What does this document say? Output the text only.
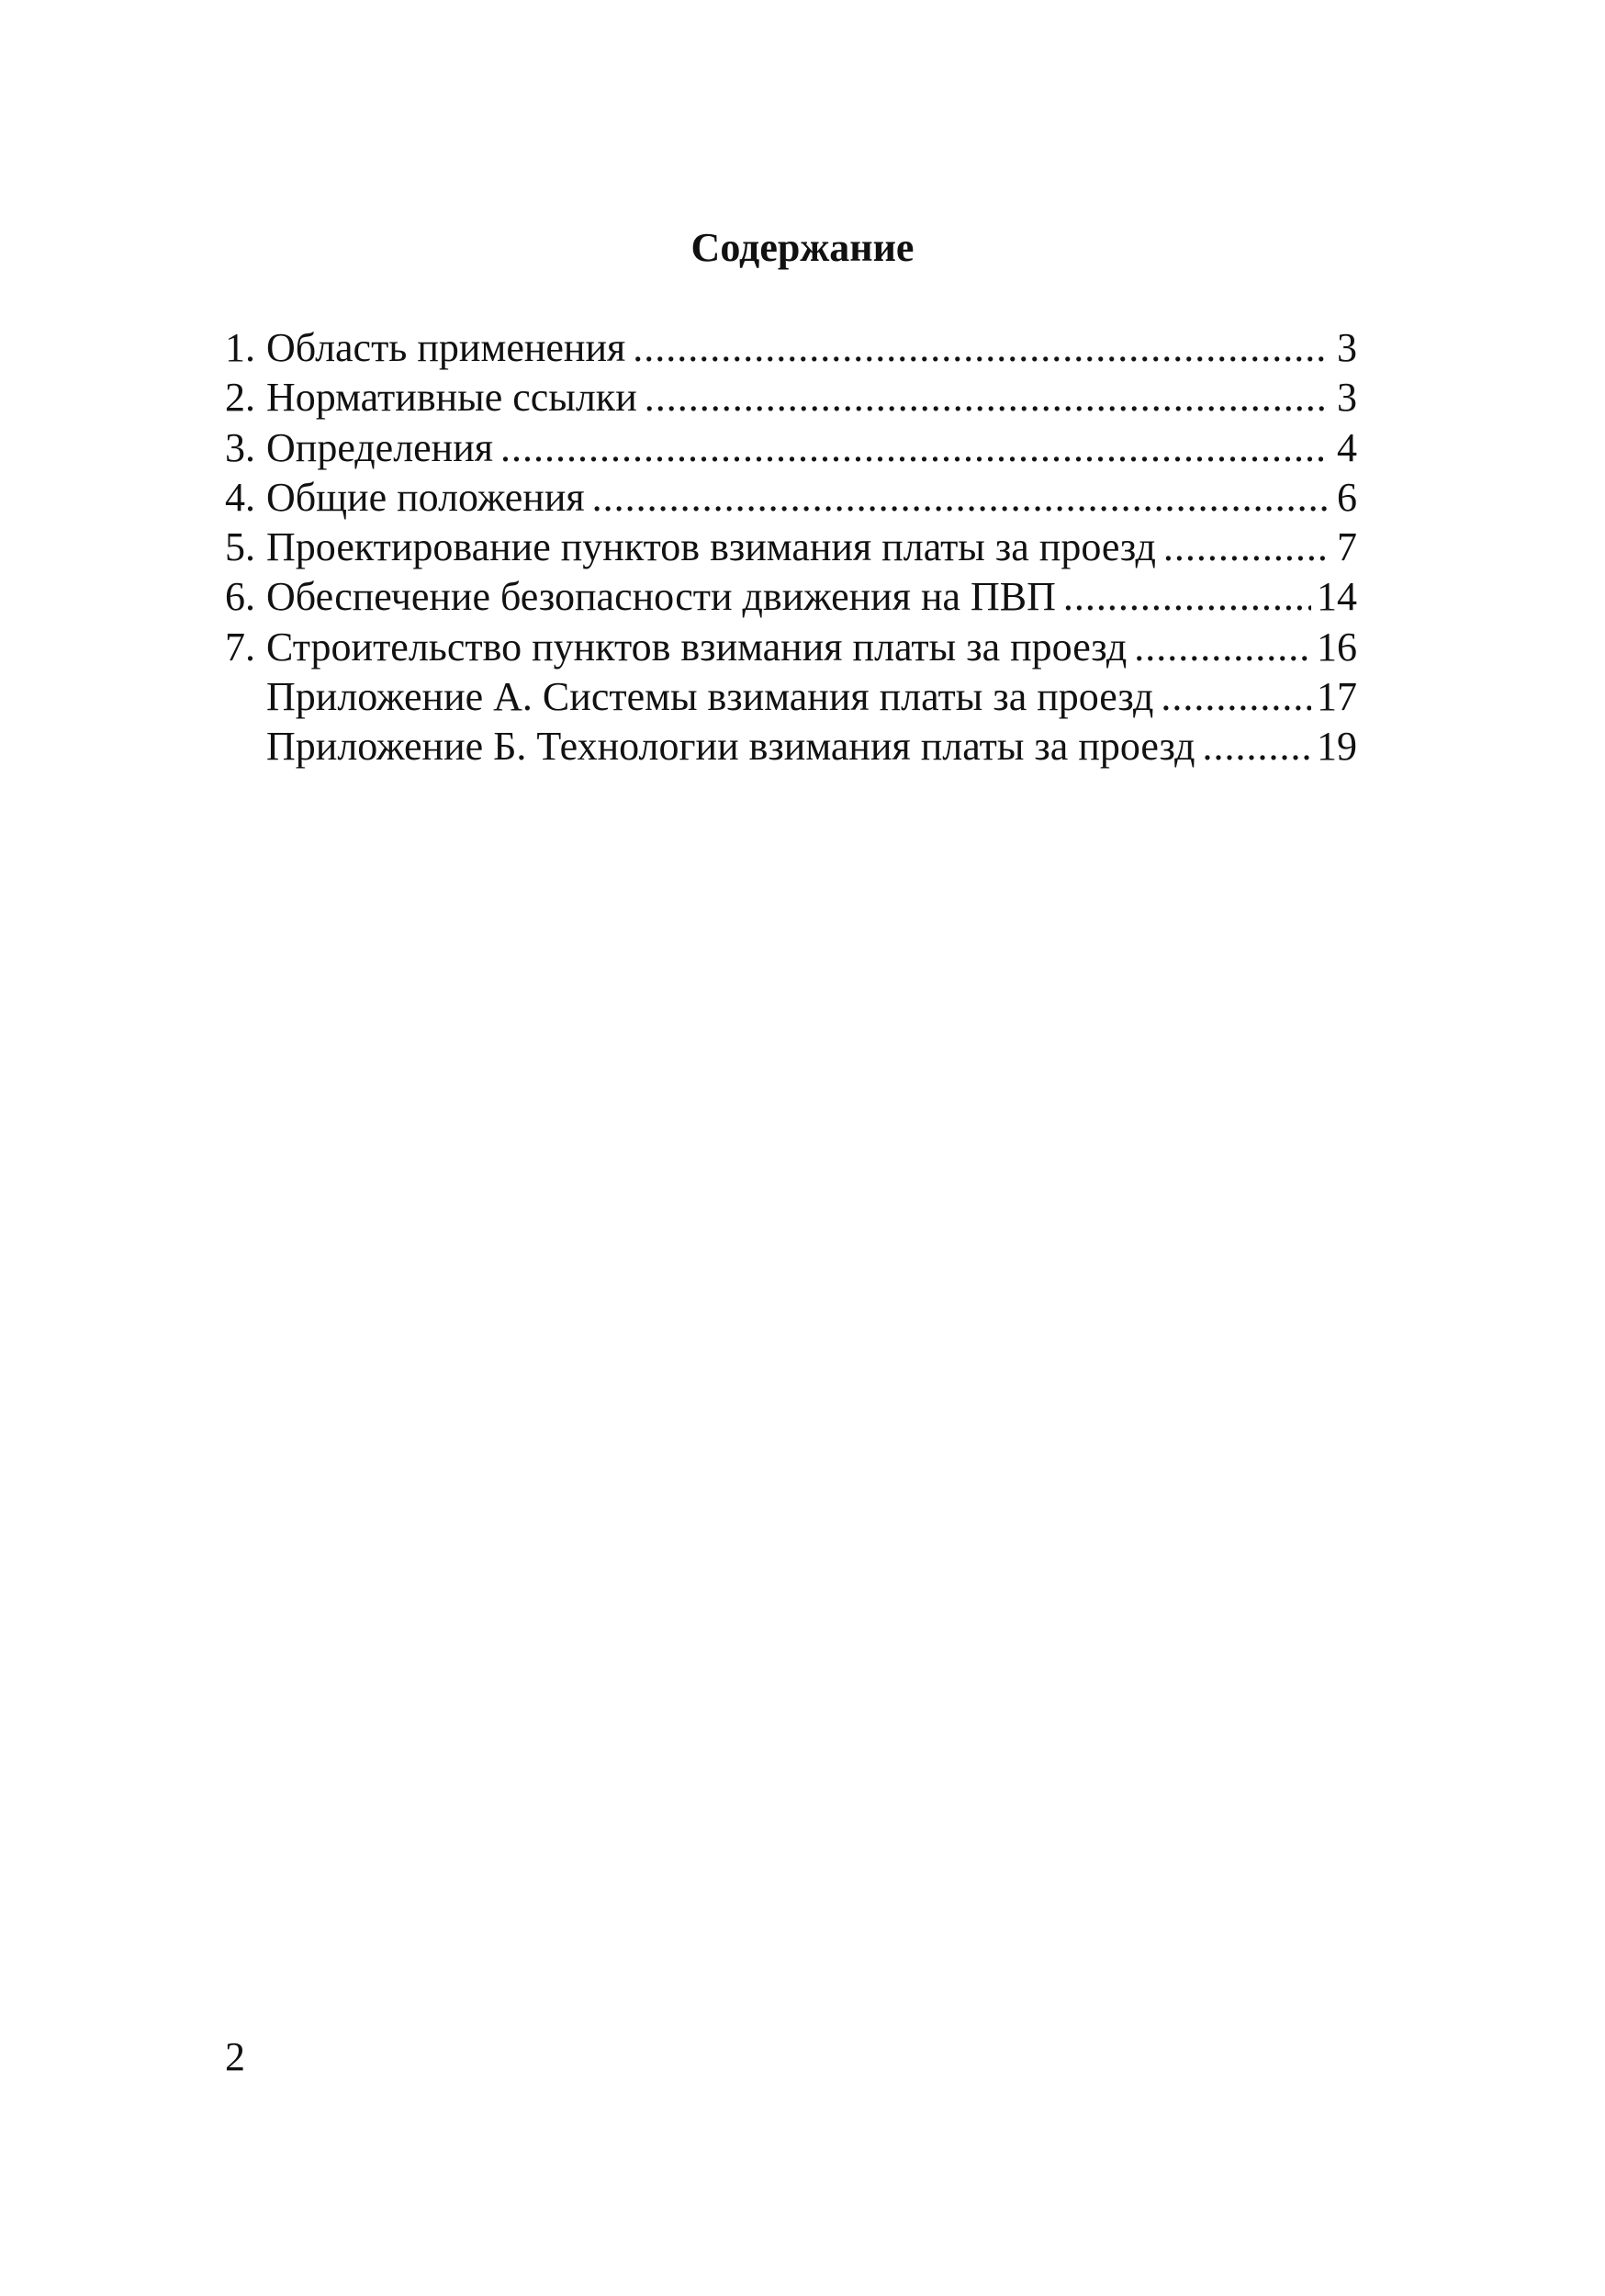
Содержание
1. Область применения .....	3
2. Нормативные ссылки .....	3
3. Определения .....	4
4. Общие положения .....	6
5. Проектирование пунктов взимания платы за проезд .....	7
6. Обеспечение безопасности движения на ПВП .....	14
7. Строительство пунктов взимания платы за проезд .....	16
Приложение А. Системы взимания платы за проезд .....	17
Приложение Б. Технологии взимания платы за проезд .....	19
2
